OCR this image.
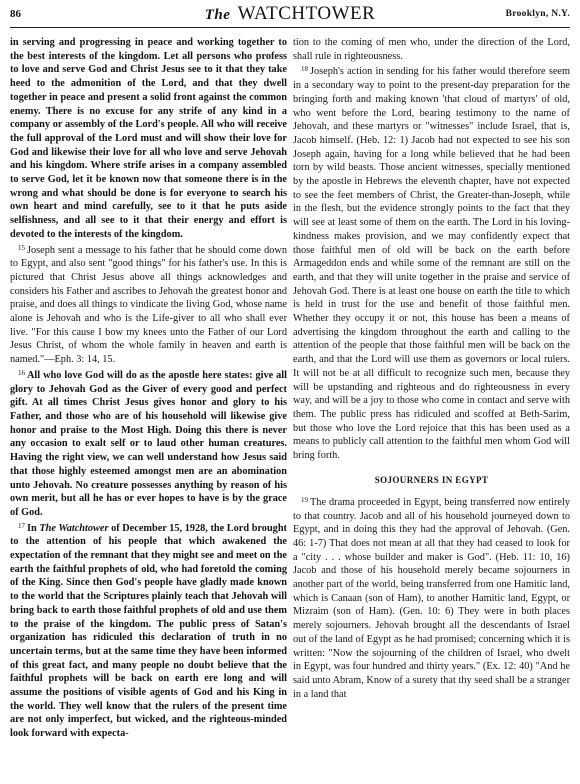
86	The WATCHTOWER	Brooklyn, N.Y.

in serving and progressing in peace and working together to the best interests of the kingdom. Let all persons who profess to love and serve God and Christ Jesus see to it that they take heed to the admonition of the Lord, and that they dwell together in peace and present a solid front against the common enemy. There is no excuse for any strife of any kind in a company or assembly of the Lord's people. All who will receive the full approval of the Lord must and will show their love for God and likewise their love for all who love and serve Jehovah and his kingdom. Where strife arises in a company assembled to serve God, let it be known now that someone there is in the wrong and what should be done is for everyone to search his own heart and mind carefully, see to it that he puts aside selfishness, and all see to it that their energy and effort is devoted to the interests of the kingdom.

$^{15}$ Joseph sent a message to his father that he should come down to Egypt, and also sent "good things" for his father's use. In this is pictured that Christ Jesus above all things acknowledges and considers his Father and ascribes to Jehovah the greatest honor and praise, and does all things to vindicate the living God, whose name alone is Jehovah and who is the Life-giver to all who shall ever live. "For this cause I bow my knees unto the Father of our Lord Jesus Christ, of whom the whole family in heaven and earth is named."—Eph. 3: 14, 15.

$^{16}$ All who love God will do as the apostle here states: give all glory to Jehovah God as the Giver of every good and perfect gift. At all times Christ Jesus gives honor and glory to his Father, and those who are of his household will likewise give honor and praise to the Most High. Doing this there is never any occasion to exalt self or to laud other human creatures. Having the right view, we can well understand how Jesus said that those highly esteemed amongst men are an abomination unto Jehovah. No creature possesses anything by reason of his own merit, but all he has or ever hopes to have is by the grace of God.

$^{17}$ In The Watchtower of December 15, 1928, the Lord brought to the attention of his people that which awakened the expectation of the remnant that they might see and meet on the earth the faithful prophets of old, who had foretold the coming of the King. Since then God's people have gladly made known to the world that the Scriptures plainly teach that Jehovah will bring back to earth those faithful prophets of old and use them to the praise of the kingdom. The public press of Satan's organization has ridiculed this declaration of truth in no uncertain terms, but at the same time they have been informed of this great fact, and many people no doubt believe that the faithful prophets will be back on earth ere long and will assume the positions of visible agents of God and his King in the world. They well know that the rulers of the present time are not only imperfect, but wicked, and the righteous-minded look forward with expecta-

tion to the coming of men who, under the direction of the Lord, shall rule in righteousness.

$^{18}$ Joseph's action in sending for his father would therefore seem in a secondary way to point to the present-day preparation for the bringing forth and making known 'that cloud of martyrs' of old, who went before the Lord, bearing testimony to the name of Jehovah, and these martyrs or "witnesses" include Israel, that is, Jacob himself. (Heb. 12: 1) Jacob had not expected to see his son Joseph again, having for a long while believed that he had been torn by wild beasts. Those ancient witnesses, specially mentioned by the apostle in Hebrews the eleventh chapter, have not expected to see the feet members of Christ, the Greater-than-Joseph, while in the flesh, but the evidence strongly points to the fact that they will see at least some of them on the earth. The Lord in his loving-kindness makes provision, and we may confidently expect that those faithful men of old will be back on the earth before Armageddon ends and while some of the remnant are still on the earth, and that they will unite together in the praise and service of Jehovah God. There is at least one house on earth the title to which is held in trust for the use and benefit of those faithful men. Whether they occupy it or not, this house has been a means of advertising the kingdom throughout the earth and calling to the attention of the people that those faithful men will be back on the earth, and that the Lord will use them as governors or local rulers. It will not be at all difficult to recognize such men, because they will be upstanding and righteous and do righteousness in every way, and will be a joy to those who come in contact and serve with them. The public press has ridiculed and scoffed at Beth-Sarim, but those who love the Lord rejoice that this has been used as a means to publicly call attention to the faithful men whom God will bring forth.

SOJOURNERS IN EGYPT

$^{19}$ The drama proceeded in Egypt, being transferred now entirely to that country. Jacob and all of his household journeyed down to Egypt, and in doing this they had the approval of Jehovah. (Gen. 46: 1-7) That does not mean at all that they had ceased to look for a "city . . . whose builder and maker is God". (Heb. 11: 10, 16) Jacob and those of his household merely became sojourners in another part of the world, being transferred from one Hamitic land, which is Canaan (son of Ham), to another Hamitic land, Egypt, or Mizraim (son of Ham). (Gen. 10: 6) They were in both places merely sojourners. Jehovah brought all the descendants of Israel out of the land of Egypt as he had promised; concerning which it is written: "Now the sojourning of the children of Israel, who dwelt in Egypt, was four hundred and thirty years." (Ex. 12: 40) "And he said unto Abram, Know of a surety that thy seed shall be a stranger in a land that
